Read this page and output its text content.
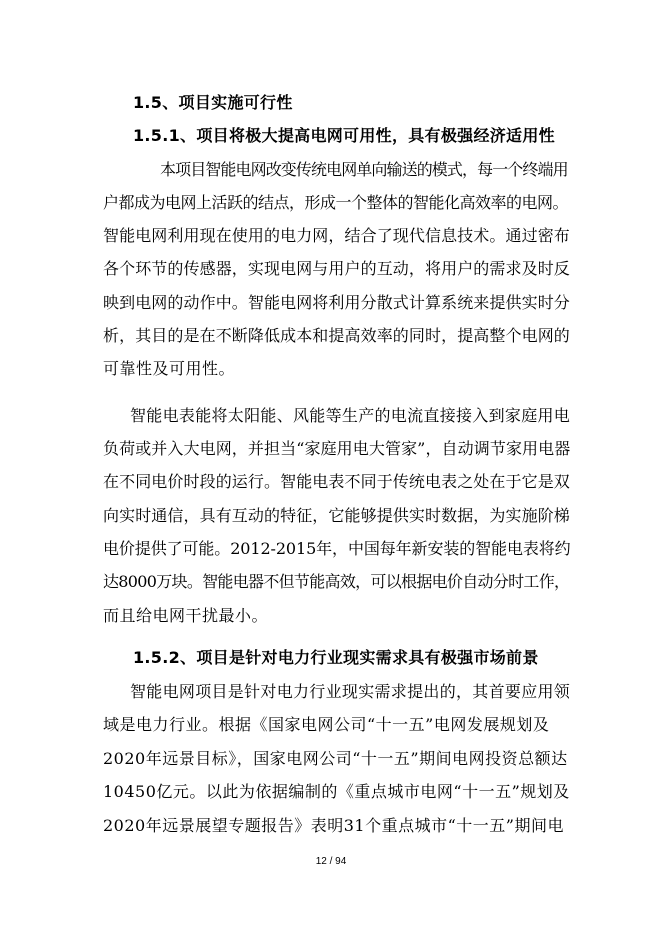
1.5、项目实施可行性
1.5.1、项目将极大提高电网可用性，具有极强经济适用性
本项目智能电网改变传统电网单向输送的模式，每一个终端用
户都成为电网上活跃的结点，形成一个整体的智能化高效率的电网。
智能电网利用现在使用的电力网，结合了现代信息技术。通过密布
各个环节的传感器，实现电网与用户的互动，将用户的需求及时反
映到电网的动作中。智能电网将利用分散式计算系统来提供实时分
析，其目的是在不断降低成本和提高效率的同时，提高整个电网的
可靠性及可用性。
智能电表能将太阳能、风能等生产的电流直接接入到家庭用电
负荷或并入大电网，并担当“家庭用电大管家”，自动调节家用电器
在不同电价时段的运行。智能电表不同于传统电表之处在于它是双
向实时通信，具有互动的特征，它能够提供实时数据，为实施阶梯
电价提供了可能。2012-2015年，中国每年新安装的智能电表将约
达8000万块。智能电器不但节能高效，可以根据电价自动分时工作，
而且给电网干扰最小。
1.5.2、项目是针对电力行业现实需求具有极强市场前景
智能电网项目是针对电力行业现实需求提出的，其首要应用领
域是电力行业。根据《国家电网公司“十一五”电网发展规划及
2020年远景目标》，国家电网公司“十一五”期间电网投资总额达
10450亿元。以此为依据编制的《重点城市电网“十一五”规划及
2020年远景展望专题报告》表明31个重点城市“十一五”期间电
12 / 94
